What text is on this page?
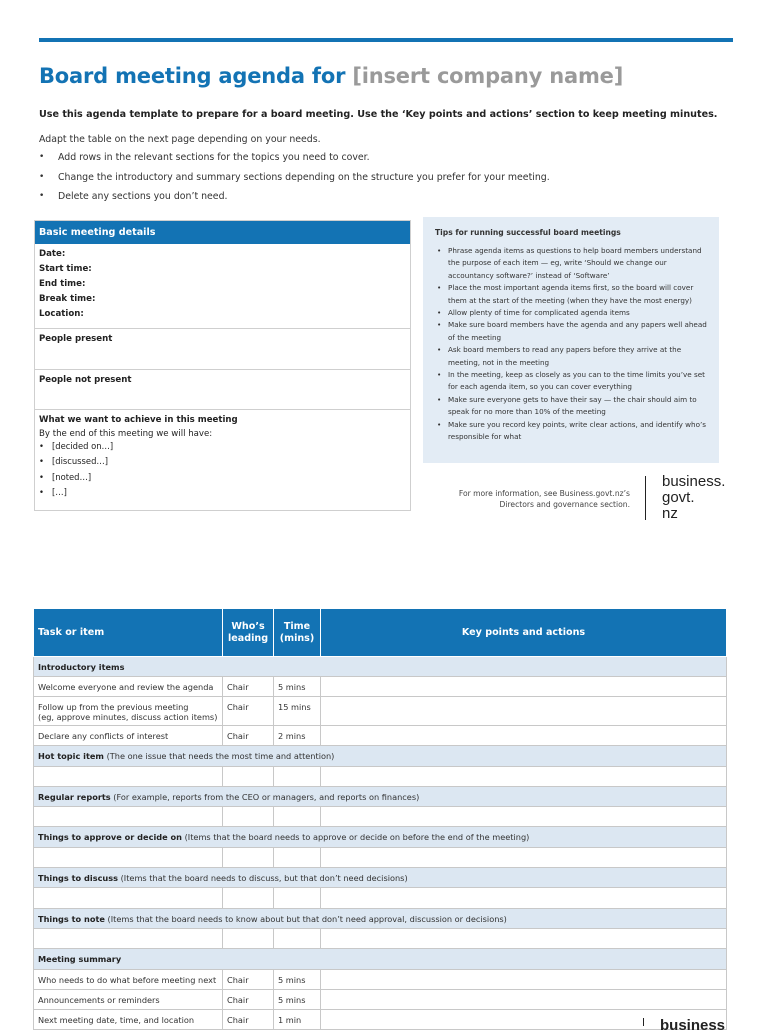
Board meeting agenda for [insert company name]
Use this agenda template to prepare for a board meeting. Use the ‘Key points and actions’ section to keep meeting minutes.
Adapt the table on the next page depending on your needs.
• Add rows in the relevant sections for the topics you need to cover.
• Change the introductory and summary sections depending on the structure you prefer for your meeting.
• Delete any sections you don’t need.
Basic meeting details
Date:
Start time:
End time:
Break time:
Location:
People present
People not present
What we want to achieve in this meeting
By the end of this meeting we will have:
• [decided on…]
• [discussed…]
• [noted…]
• […]
Tips for running successful board meetings
• Phrase agenda items as questions to help board members understand the purpose of each item — eg, write ‘Should we change our accountancy software?’ instead of ‘Software’
• Place the most important agenda items first, so the board will cover them at the start of the meeting (when they have the most energy)
• Allow plenty of time for complicated agenda items
• Make sure board members have the agenda and any papers well ahead of the meeting
• Ask board members to read any papers before they arrive at the meeting, not in the meeting
• In the meeting, keep as closely as you can to the time limits you’ve set for each agenda item, so you can cover everything
• Make sure everyone gets to have their say — the chair should aim to speak for no more than 10% of the meeting
• Make sure you record key points, write clear actions, and identify who’s responsible for what
For more information, see Business.govt.nz’s
Directors and governance section.
business.
govt.
nz
Task or item	Who’s leading	Time (mins)	Key points and actions
Introductory items			
Welcome everyone and review the agenda	Chair	5 mins	

Follow up from the previous meeting
(eg, approve minutes, discuss action items)	Chair	15 mins	
Declare any conflicts of interest	Chair	2 mins	
Hot topic item (The one issue that needs the most time and attention)			

Regular reports (For example, reports from the CEO or managers, and reports on finances)			

Things to approve or decide on (Items that the board needs to approve or decide on before the end of the meeting)			

Things to discuss (Items that the board needs to discuss, but that don’t need decisions)			

Things to note (Items that the board needs to know about but that don’t need approval, discussion or decisions)			

Meeting summary			
Who needs to do what before meeting next	Chair	5 mins	
Announcements or reminders	Chair	5 mins	
Next meeting date, time, and location	Chair	1 min		business
